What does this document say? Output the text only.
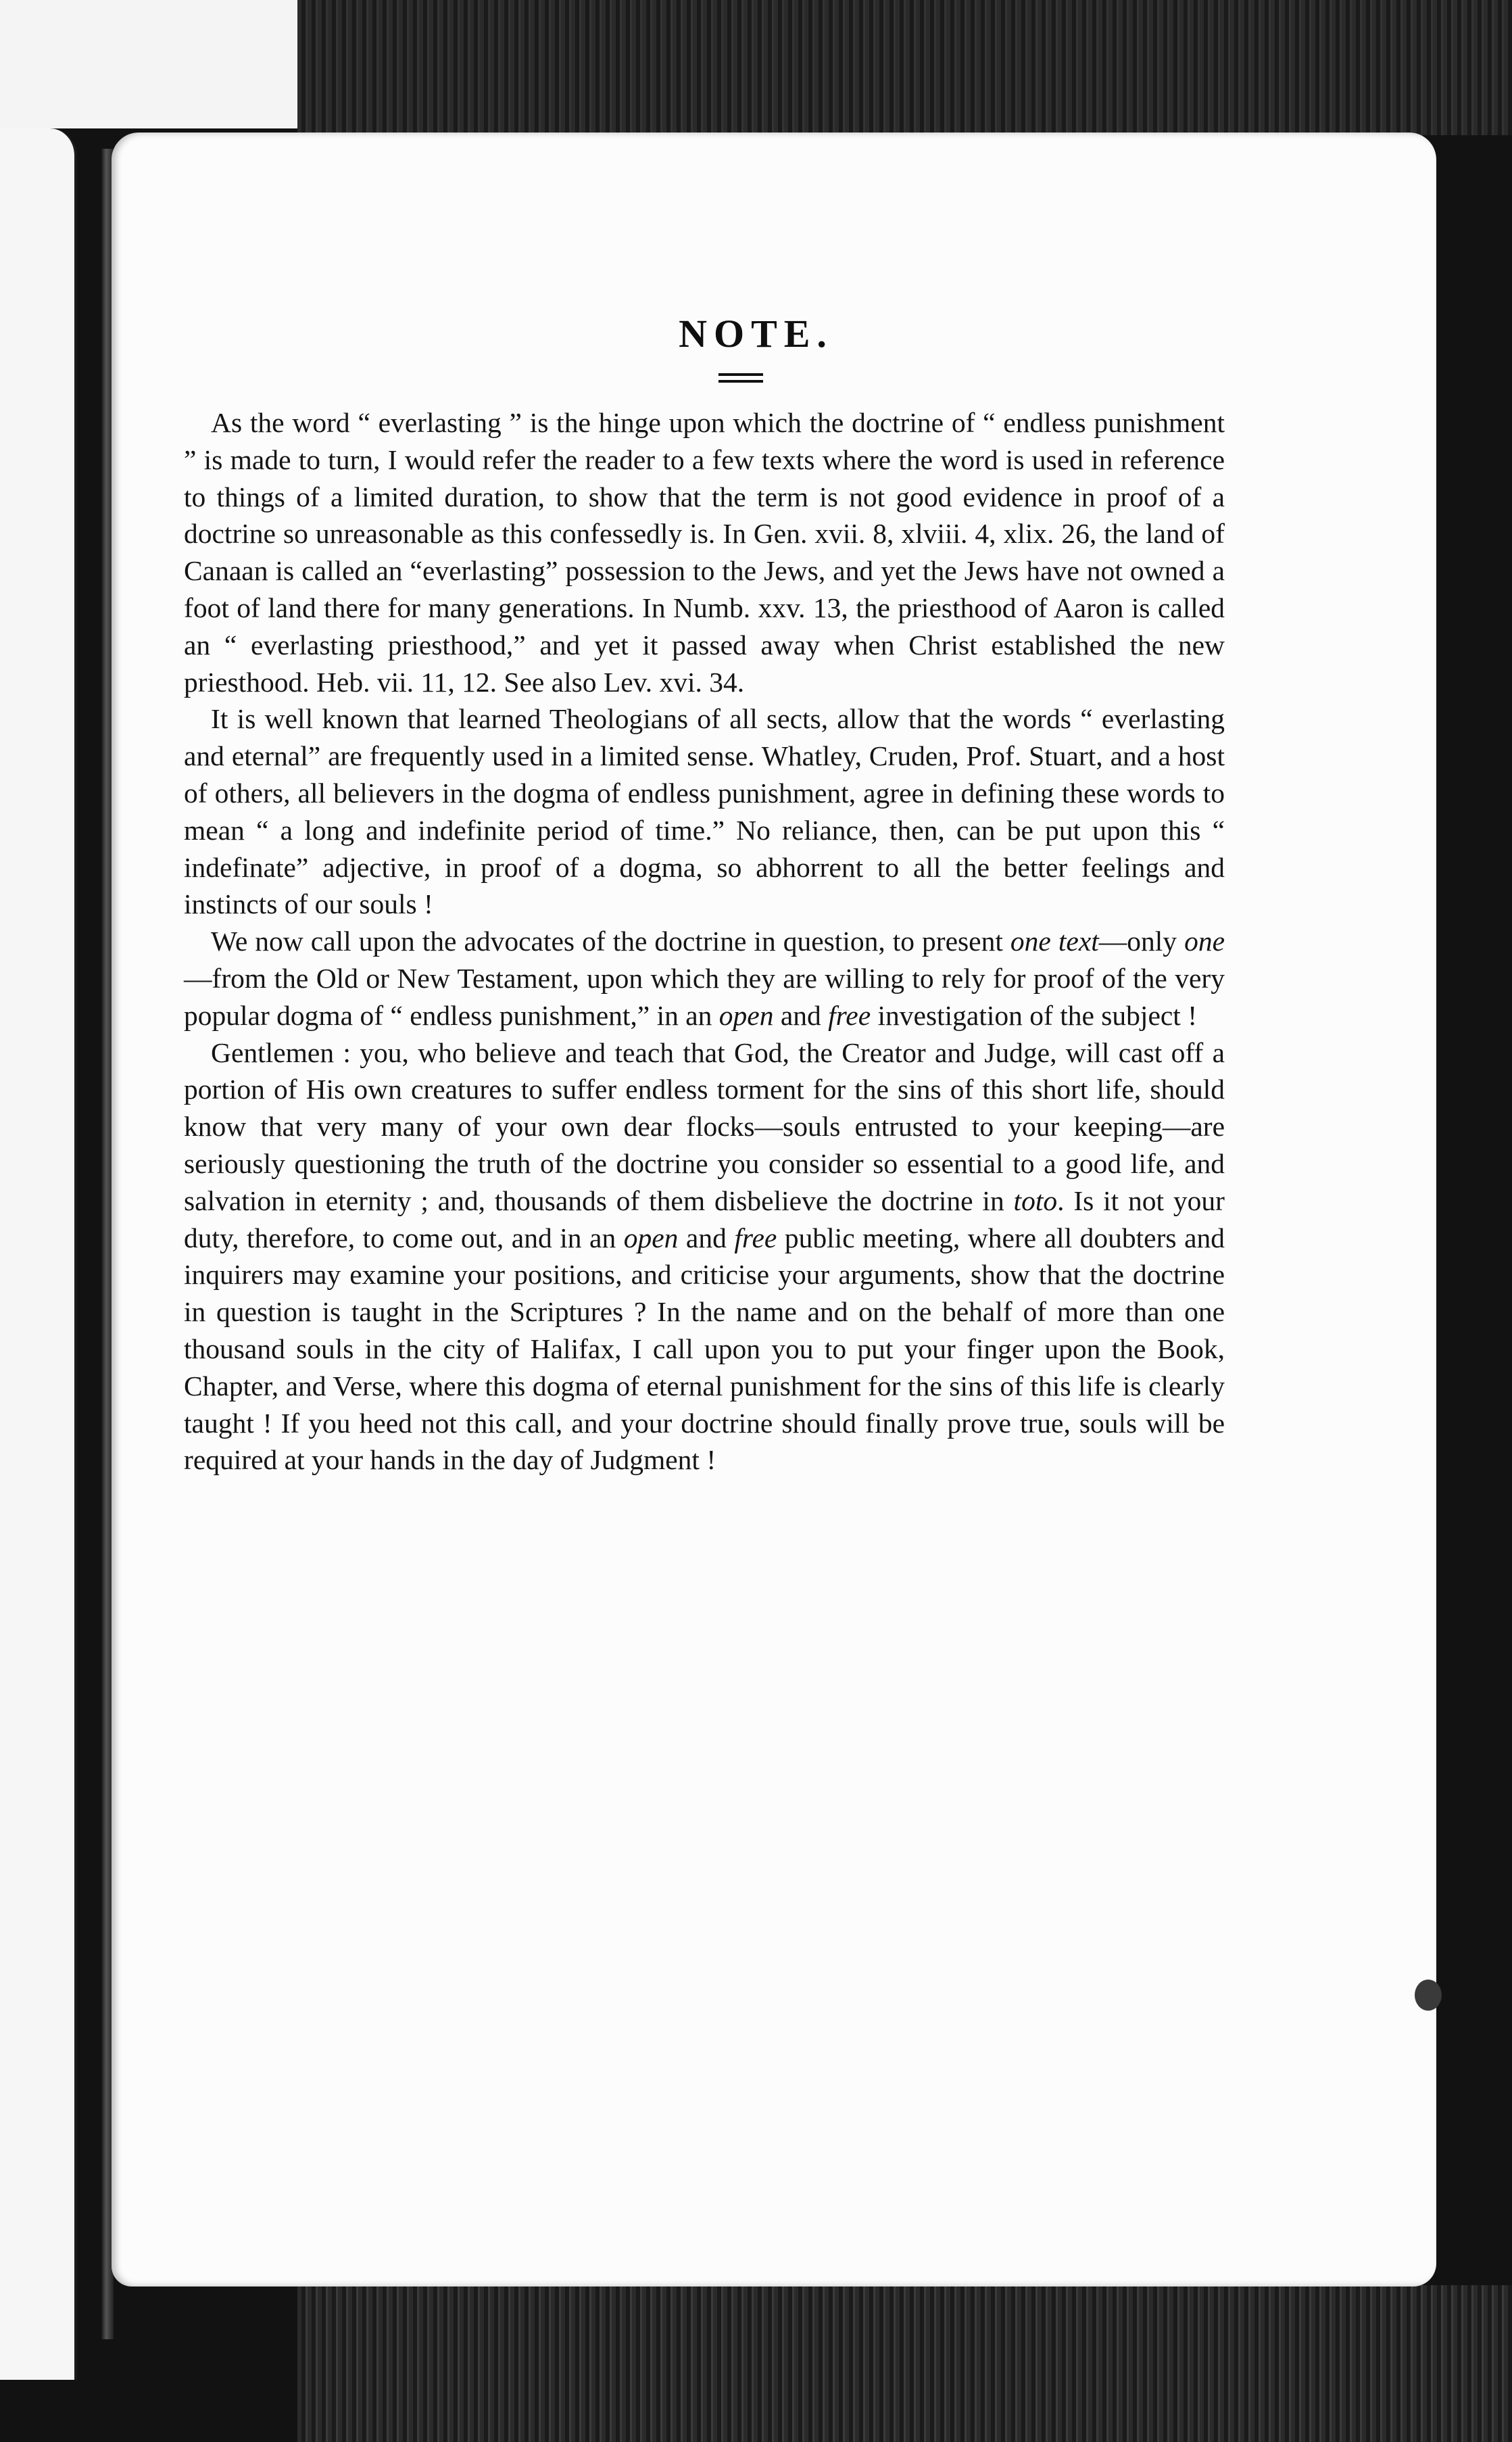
NOTE.

As the word “ everlasting ” is the hinge upon which the doctrine of “ endless punishment ” is made to turn, I would refer the reader to a few texts where the word is used in reference to things of a limited duration, to show that the term is not good evidence in proof of a doctrine so unreasonable as this confessedly is. In Gen. xvii. 8, xlviii. 4, xlix. 26, the land of Canaan is called an “everlasting” possession to the Jews, and yet the Jews have not owned a foot of land there for many generations. In Numb. xxv. 13, the priesthood of Aaron is called an “ everlasting priesthood,” and yet it passed away when Christ established the new priesthood. Heb. vii. 11, 12. See also Lev. xvi. 34.

It is well known that learned Theologians of all sects, allow that the words “ everlasting and eternal” are frequently used in a limited sense. Whatley, Cruden, Prof. Stuart, and a host of others, all believers in the dogma of endless punishment, agree in defining these words to mean “ a long and indefinite period of time.” No reliance, then, can be put upon this “ indefinate” adjective, in proof of a dogma, so abhorrent to all the better feelings and instincts of our souls !

We now call upon the advocates of the doctrine in question, to present one text—only one—from the Old or New Testament, upon which they are willing to rely for proof of the very popular dogma of “ endless punishment,” in an open and free investigation of the subject !

Gentlemen : you, who believe and teach that God, the Creator and Judge, will cast off a portion of His own creatures to suffer endless torment for the sins of this short life, should know that very many of your own dear flocks—souls entrusted to your keeping—are seriously questioning the truth of the doctrine you consider so essential to a good life, and salvation in eternity ; and, thousands of them disbelieve the doctrine in toto. Is it not your duty, therefore, to come out, and in an open and free public meeting, where all doubters and inquirers may examine your positions, and criticise your arguments, show that the doctrine in question is taught in the Scriptures ? In the name and on the behalf of more than one thousand souls in the city of Halifax, I call upon you to put your finger upon the Book, Chapter, and Verse, where this dogma of eternal punishment for the sins of this life is clearly taught ! If you heed not this call, and your doctrine should finally prove true, souls will be required at your hands in the day of Judgment !
